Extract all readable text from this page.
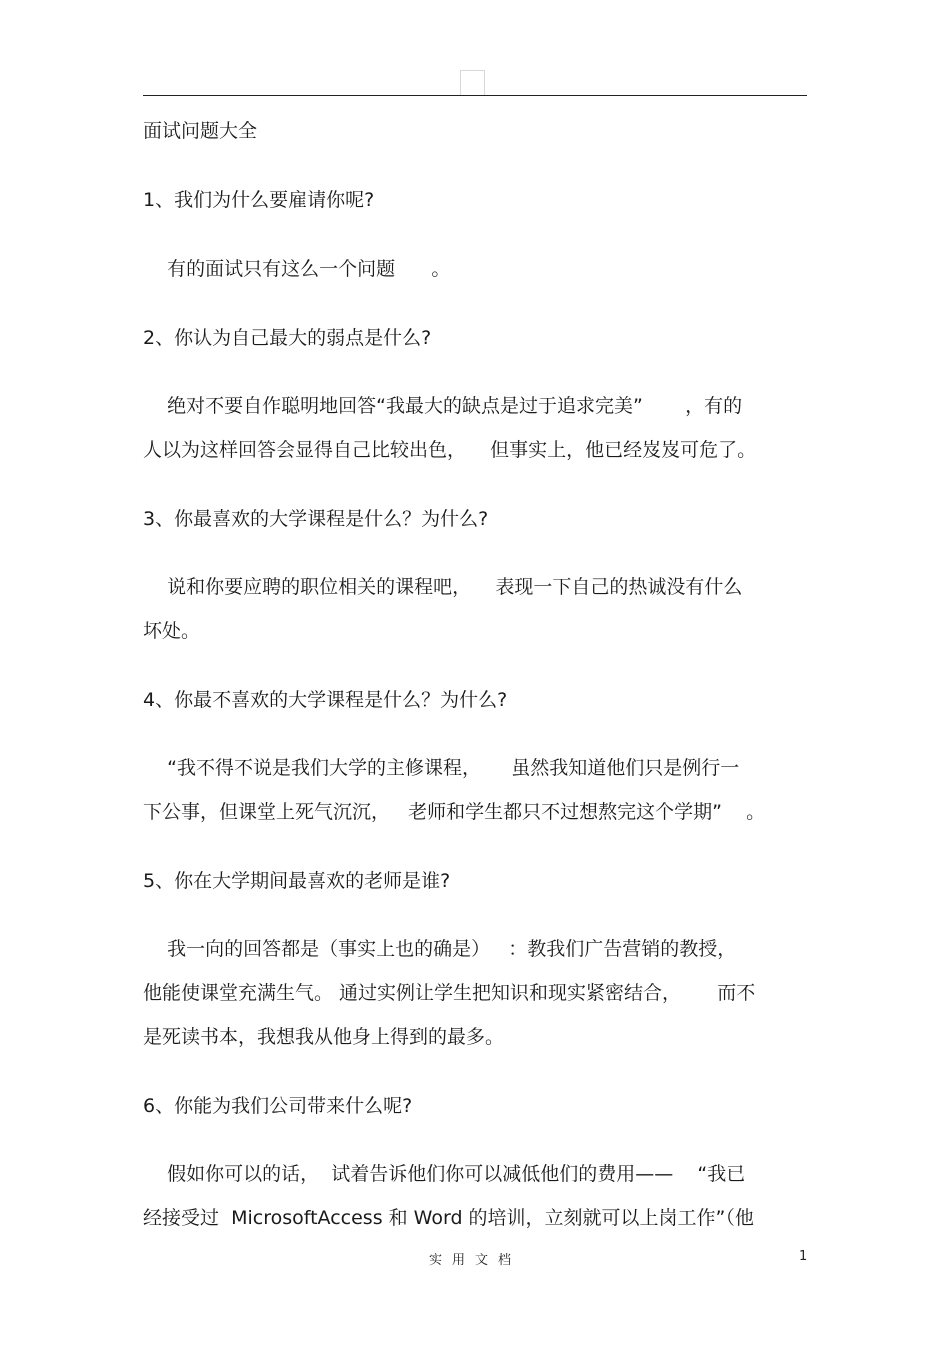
面试问题大全
1、我们为什么要雇请你呢?
有的面试只有这么一个问题      。
2、你认为自己最大的弱点是什么?
绝对不要自作聪明地回答“我最大的缺点是过于追求完美”       ，有的
人以为这样回答会显得自己比较出色，    但事实上，他已经岌岌可危了。
3、你最喜欢的大学课程是什么？为什么?
说和你要应聘的职位相关的课程吧，    表现一下自己的热诚没有什么
坏处。
4、你最不喜欢的大学课程是什么？为什么?
“我不得不说是我们大学的主修课程，     虽然我知道他们只是例行一
下公事，但课堂上死气沉沉，   老师和学生都只不过想熬完这个学期”    。
5、你在大学期间最喜欢的老师是谁?
我一向的回答都是（事实上也的确是）   ：教我们广告营销的教授，
他能使课堂充满生气。 通过实例让学生把知识和现实紧密结合，      而不
是死读书本，我想我从他身上得到的最多。
6、你能为我们公司带来什么呢?
假如你可以的话，  试着告诉他们你可以减低他们的费用——    “我已
经接受过  MicrosoftAccess 和 Word 的培训，立刻就可以上岗工作”（他
实用文档	1
